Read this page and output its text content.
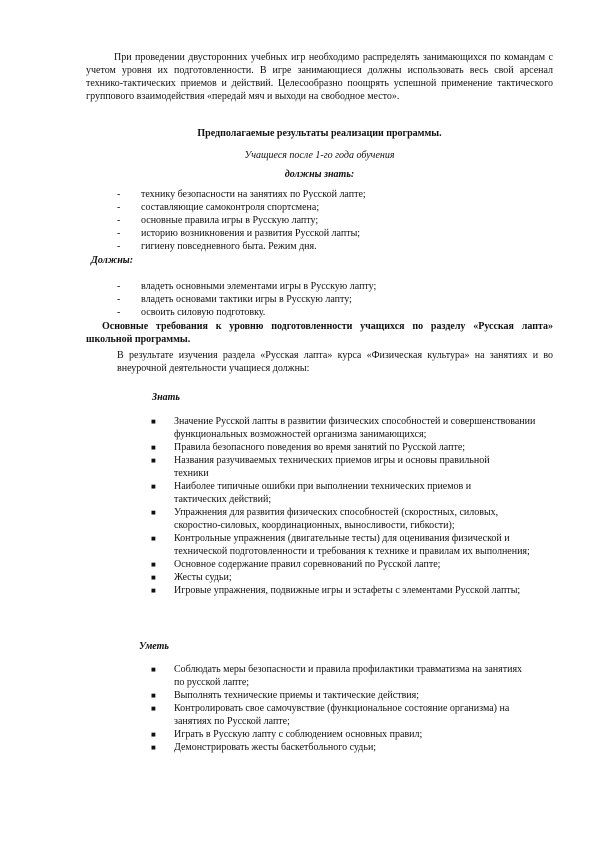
При проведении двусторонних учебных игр необходимо распределять занимающихся по командам с учетом уровня их подготовленности. В игре занимающиеся должны использовать весь свой арсенал технико-тактических приемов и действий. Целесообразно поощрять успешной применение тактического группового взаимодействия «передай мяч и выходи на свободное место».
Предполагаемые результаты реализации программы.
Учащиеся после 1-го года обучения
должны знать:
- технику безопасности на занятиях по Русской лапте;
- составляющие самоконтроля спортсмена;
- основные правила игры в Русскую лапту;
- историю возникновения и развития Русской лапты;
- гигиену повседневного быта. Режим дня.
Должны:
- владеть основными элементами игры в Русскую лапту;
- владеть основами тактики игры в Русскую лапту;
- освоить силовую подготовку.
Основные требования к уровню подготовленности учащихся по разделу «Русская лапта» школьной программы.
В результате изучения раздела «Русская лапта» курса «Физическая культура» на занятиях и во внеурочной деятельности учащиеся должны:
Знать
■ Значение Русской лапты в развитии физических способностей и совершенствовании функциональных возможностей организма занимающихся;
■ Правила безопасного поведения во время занятий по Русской лапте;
■ Названия разучиваемых технических приемов игры и основы правильной техники
■ Наиболее типичные ошибки при выполнении технических приемов и тактических действий;
■ Упражнения для развития физических способностей (скоростных, силовых, скоростно-силовых, координационных, выносливости, гибкости);
■ Контрольные упражнения (двигательные тесты) для оценивания физической и технической подготовленности и требования к технике и правилам их выполнения;
■ Основное содержание правил соревнований по Русской лапте;
■ Жесты судьи;
■ Игровые упражнения, подвижные игры и эстафеты с элементами Русской лапты;
Уметь
■ Соблюдать меры безопасности и правила профилактики травматизма на занятиях по русской лапте;
■ Выполнять технические приемы и тактические действия;
■ Контролировать свое самочувствие (функциональное состояние организма) на занятиях по Русской лапте;
■ Играть в Русскую лапту с соблюдением основных правил;
■ Демонстрировать жесты баскетбольного судьи;
